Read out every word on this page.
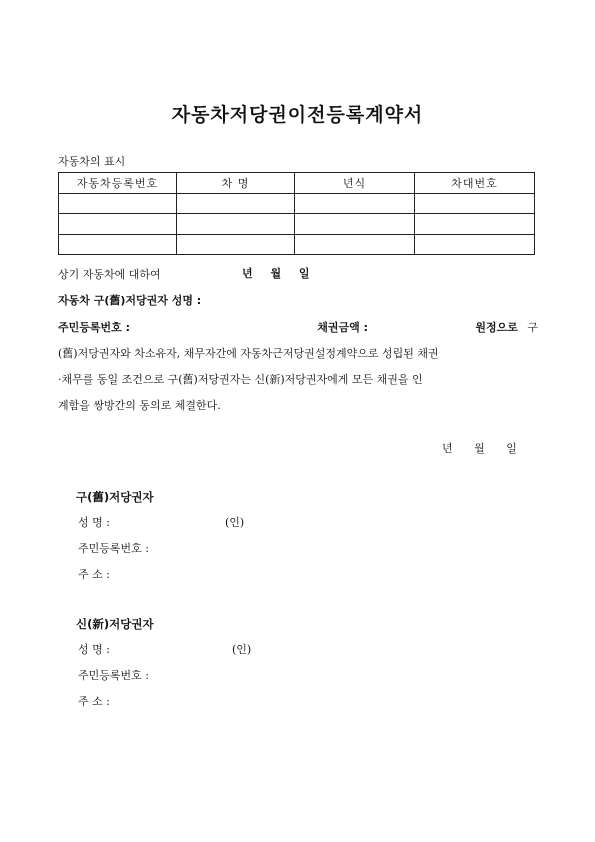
자동차저당권이전등록계약서
자동차의 표시
자동차등록번호	차 명	년식	차대번호

상기 자동차에 대하여	년 월 일
자동차 구(舊)저당권자 성명 :
주민등록번호 :	채권금액 :	원정으로 구
(舊)저당권자와 차소유자, 채무자간에 자동차근저당권설정계약으로 성립된 채권
·채무를 동일 조건으로 구(舊)저당권자는 신(新)저당권자에게 모든 채권을 인
계함을 쌍방간의 동의로 체결한다.
년 월 일
구(舊)저당권자
성 명 :	(인)
주민등록번호 :
주 소 :
신(新)저당권자
성 명 :	(인)
주민등록번호 :
주 소 :
